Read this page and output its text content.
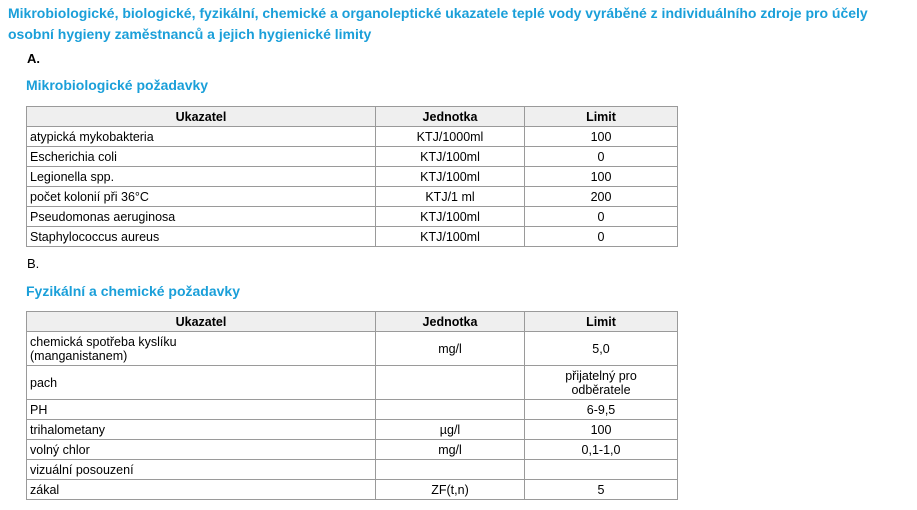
Mikrobiologické, biologické, fyzikální, chemické a organoleptické ukazatele teplé vody vyráběné z individuálního zdroje pro účely osobní hygieny zaměstnanců a jejich hygienické limity
A.
Mikrobiologické požadavky
Ukazatel	Jednotka	Limit
atypická mykobakteria	KTJ/1000ml	100
Escherichia coli	KTJ/100ml	0
Legionella spp.	KTJ/100ml	100
počet kolonií při 36°C	KTJ/1 ml	200
Pseudomonas aeruginosa	KTJ/100ml	0
Staphylococcus aureus	KTJ/100ml	0
B.
Fyzikální a chemické požadavky
Ukazatel	Jednotka	Limit
chemická spotřeba kyslíku (manganistanem)	mg/l	5,0
pach		přijatelný pro odběratele
PH		6-9,5
trihalometany	µg/l	100
volný chlor	mg/l	0,1-1,0
vizuální posouzení		
zákal	ZF(t,n)	5
